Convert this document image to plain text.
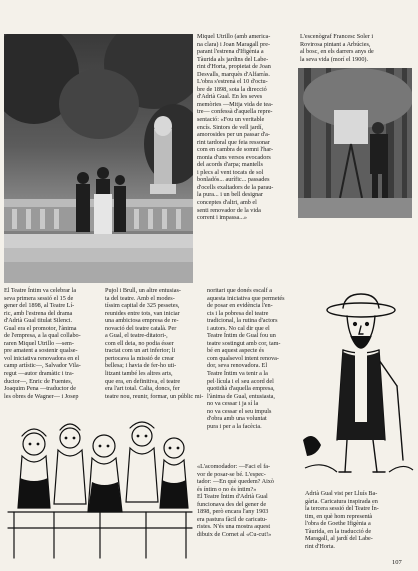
Miquel Utrillo (amb america-

na clara) i Joan Maragall pre-

parant l'estrena d'Ifigènia a

Tàurida als jardins del Labe-

rint d'Horta, propietat de Joan

Desvalls, marquès d'Alfarràs.

L'obra s'estrenà el 10 d'octu-

bre de 1898, sota la direcció

d'Adrià Gual. En les seves

memòries —Mitja vida de tea-

tre— confessà d'aquella repre-

sentació: «Fou un veritable

encís. Sintors de vell jardí,

amorosides per un passar d'a-

rint tardoral que feia ressonar

com en cambra de somni l'har-

monia d'uns versos evocadors

del acords d'arpa; mantells

i plecs al vent tocats de sol

bonladós... aurífic... passades

d'ocells exaltadors de la parau-

la pura... i un bell designar

conceptes d'altri, amb el

senti renovador de la vida

corrent i impassa...»

L'escenògraf Francesc Soler i

Rovirosa pintant a Arbúcies,

al bosc, en els darrers anys de

la seva vida (morí el 1900).

El Teatre Íntim va celebrar la

seva primera sessió el 15 de

gener del 1898, al Teatre Lí-

ric, amb l'estrena del drama

d'Adrià Gual titulat Silenci.

Gual era el promotor, l'ànima

de l'empresa, a la qual collabo-

raren Miquel Utrillo —sem-

pre amatent a sostenir qualse-

vol iniciativa renovadora en el

camp artístic—, Salvador Vila-

regut —autor dramàtic i tra-

ductor—, Enric de Fuentes,

Joaquim Pena —traductor de

les obres de Wagner— i Josep

Pujol i Brull, un altre entusias-

ta del teatre. Amb el modes-

tíssim capital de 325 pessetes,

reunides entre tots, van iniciar

una ambiciosa empresa de re-

novació del teatre català. Per

a Gual, el teatre-ditatori-,

com ell deia, no podia ésser

tractat com un art inferior; li

pertocava la missió de crear

bellesa; i havia de fer-ho uti-

litzant també les altres arts,

que era, en definitiva, el teatre

era l'art total. Calia, doncs, fer

teatre nou, reunir, formar, un públic mi-

noritari que donés escalf a

aquesta iniciativa que permetés

de posar en evidència l'en-

cis i la pobresa del teatre

tradicional, la rutina d'actors

i autors. No cal dir que el

Teatre Íntim de Gual fou un

teatre sostingut amb cor, tam-

bé en aquest aspecte és

com qualsevol intent renova-

dor, seva renovadora. El

Teatre Íntim va tenir a la

pel·lícula i el seu acord del

quotidià d'aquella empresa,

l'ànima de Gual, entusiasta,

no va cessar i ja sí la

no va cessar el seu impuls

d'obra amb una voluntat

pura i per a la facècia.

«L'acomodador: —Faci el fa-

vor de posar-se bé. L'espec-

tador: —En què quedem? Això

és íntim o no és íntim?»

El Teatre Íntim d'Adrià Gual

funcionava des del gener de

1898, però encara l'any 1903

era pastura fàcil de caricatu-

ristes. N'és una mostra aquest

dibuix de Cornet al «Cu-cut!»

Adrià Gual vist per Lluís Ba-

gària. Caricatura inspirada en

la tercera sessió del Teatre Ín-

tim, en què hom representà

l'obra de Goethe Ifigènia a

Tàurida, en la traducció de

Maragall, al jardí del Labe-

rint d'Horta.

107
